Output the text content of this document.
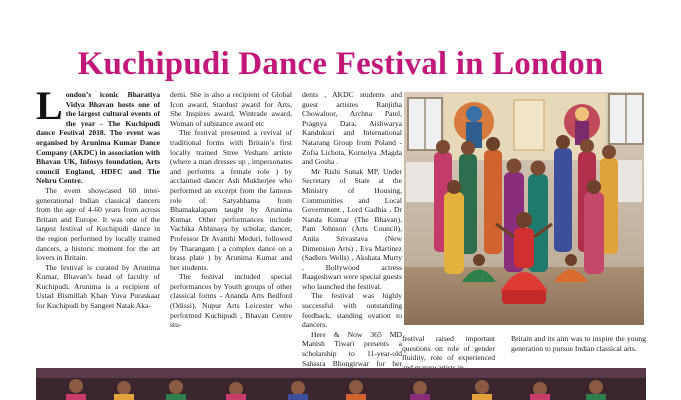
Kuchipudi Dance Festival in London

London’s iconic Bharatiya Vidya Bhavan hosts one of the largest cultural events of the year - The Kuchipudi dance Festival 2018. The event was organised by Arunima Kumar Dance Company (AKDC) in association with Bhavan UK, Infosys foundation, Arts council England, HDFC and The Nehru Centre.

The event showcased 60 inter-generational Indian classical dancers from the age of 4-60 years from across Britain and Europe. It was one of the largest festival of Kuchipudi dance in the region performed by locally trained dancers, a historic moment for the art lovers in Britain.

The festival is curated by Arunima Kumar, Bhavan’s head of faculty of Kuchipudi. Arunima is a recipient of Ustad Bismillah Khan Yuva Puraskaar for Kuchipudi by Sangeet Natak Aka-

demi. She is also a recipient of Global Icon award, Stardust award for Arts, She Inspires award, Wintrade award, Woman of substance award etc

The festival presented a revival of traditional forms with Britain’s first locally trained Stree Vesham artiste (where a man dresses up , impersonates and performs a female role ) by acclaimed dancer Ash Mukherjee who performed an excerpt from the famous role of Satyabhama from Bhamakalapam taught by Arunima Kumar. Other performances include Vachika Abhinaya by scholar, dancer, Professor Dr Avanthi Meduri, followed by Tharangam ( a complex dance on a brass plate ) by Arunima Kumar and her students.

The festival included special performances by Youth groups of other classical forms - Ananda Arts Bedford (Odissi), Nupur Arts Leicester who performed Kuchipudi , Bhavan Centre stu-

dents , AKDC students and guest artistes Ranjitha Chowaloor, Archna Patel, Pragnya Dara, Aishwarya Kandukuri and International Natarang Group from Poland -Zofia Lichota, Kornelya ,Magda and Gosha .

Mr Rishi Sunak MP, Under Secretary of State at the Ministry of Housing, Communities and Local Government , Lord Gadhia , Dr Nanda Kumar (The Bhavan), Pam Johnson (Arts Council), Anita Srivastava (New Dimension Arts) , Eva Martinez (Sadlers Wells) , Akshata Murty , Bollywood actress Raageshwari were special guests who launched the festival.

The festival was highly successful with outstanding feedback, standing ovation to dancers.

Here & Now 365 MD Manish Tiwari presents a scholarship to 11-year-old Sahasra Bhongirwar for her

festival raised important questions on role of gender fluidity, role of experienced

Britain and its aim was to inspire the young generation to pursue Indian classical arts.
